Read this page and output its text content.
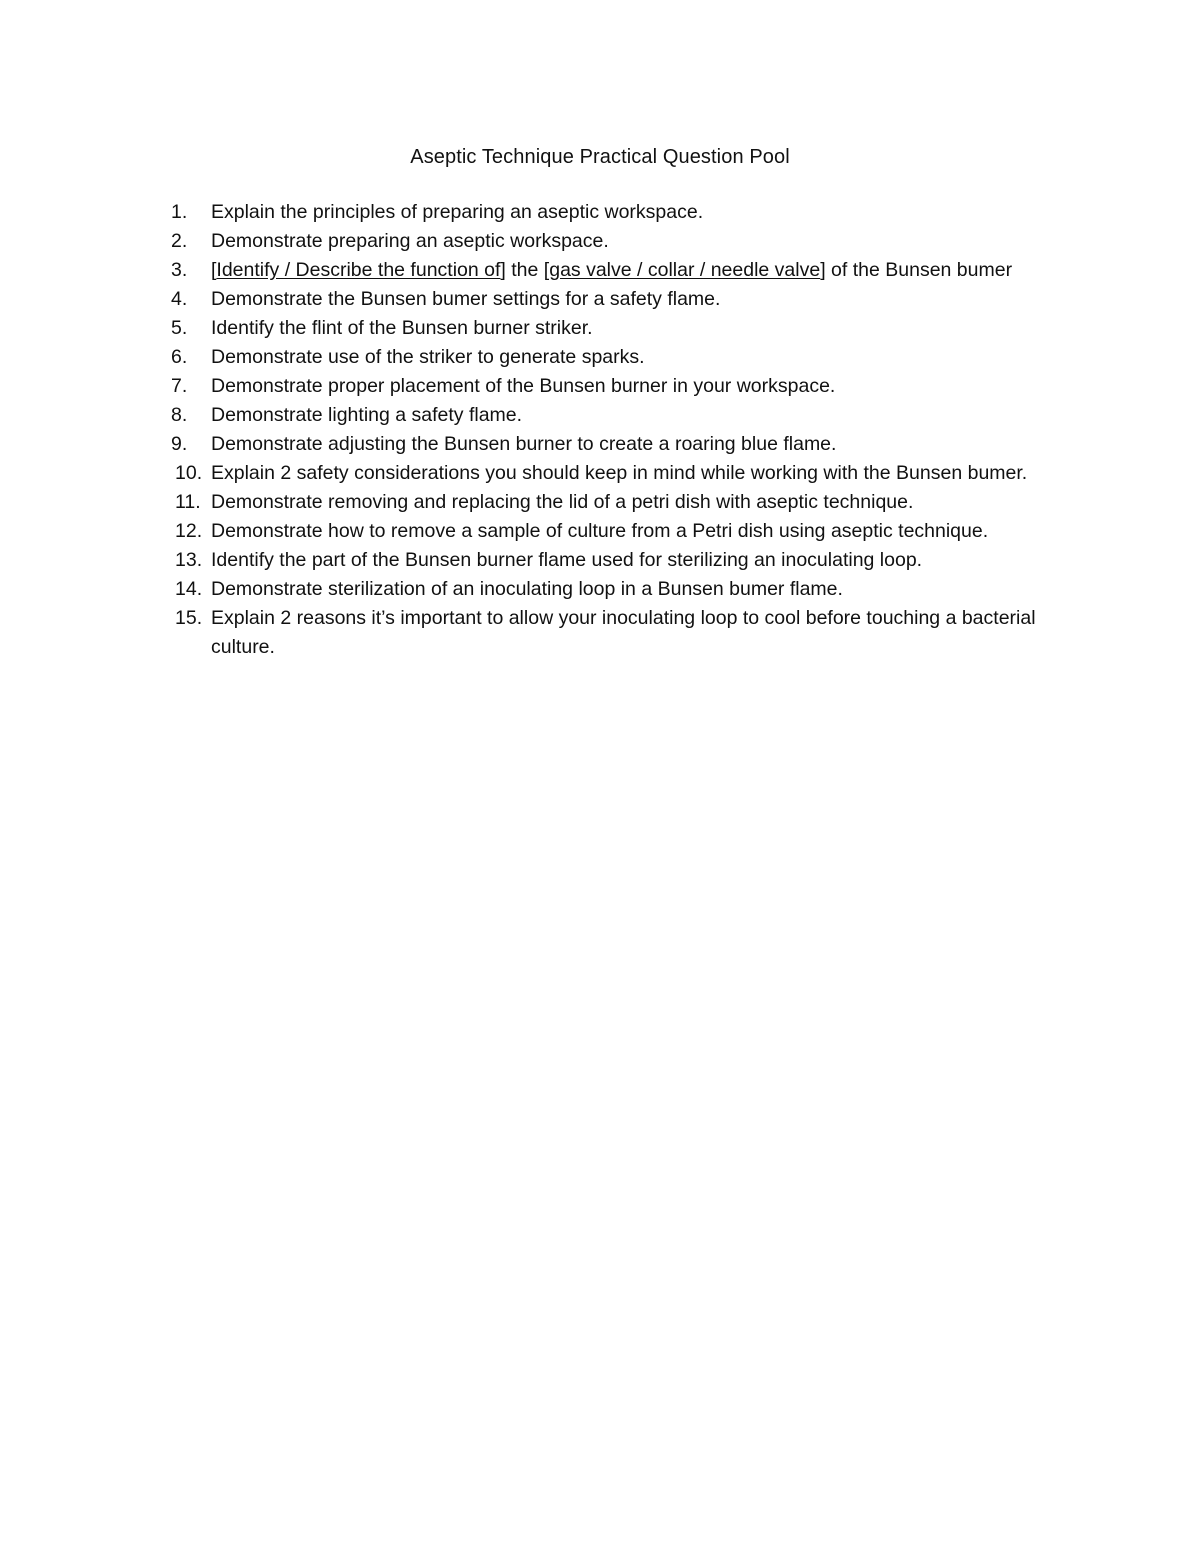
Aseptic Technique Practical Question Pool
1.	Explain the principles of preparing an aseptic workspace.
2.	Demonstrate preparing an aseptic workspace.
3.	[Identify / Describe the function of] the [gas valve / collar / needle valve] of the Bunsen bumer
4.	Demonstrate the Bunsen bumer settings for a safety flame.
5.	Identify the flint of the Bunsen burner striker.
6.	Demonstrate use of the striker to generate sparks.
7.	Demonstrate proper placement of the Bunsen burner in your workspace.
8.	Demonstrate lighting a safety flame.
9.	Demonstrate adjusting the Bunsen burner to create a roaring blue flame.
10. Explain 2 safety considerations you should keep in mind while working with the Bunsen bumer.
11. Demonstrate removing and replacing the lid of a petri dish with aseptic technique.
12. Demonstrate how to remove a sample of culture from a Petri dish using aseptic technique.
13. Identify the part of the Bunsen burner flame used for sterilizing an inoculating loop.
14. Demonstrate sterilization of an inoculating loop in a Bunsen bumer flame.
15. Explain 2 reasons it’s important to allow your inoculating loop to cool before touching a bacterial culture.
